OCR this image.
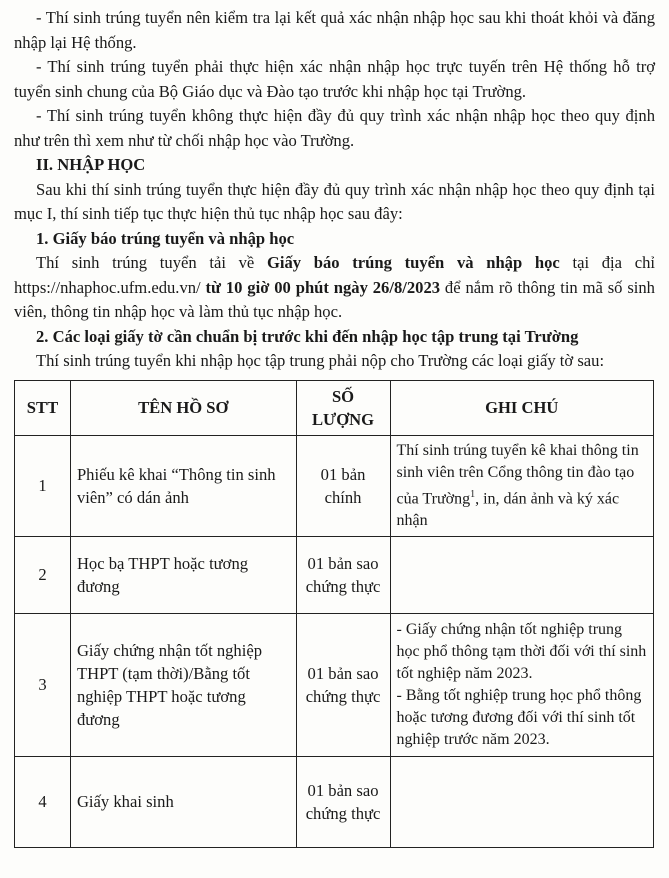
- Thí sinh trúng tuyển nên kiểm tra lại kết quả xác nhận nhập học sau khi thoát khỏi và đăng nhập lại Hệ thống.

- Thí sinh trúng tuyển phải thực hiện xác nhận nhập học trực tuyến trên Hệ thống hỗ trợ tuyển sinh chung của Bộ Giáo dục và Đào tạo trước khi nhập học tại Trường.

- Thí sinh trúng tuyển không thực hiện đầy đủ quy trình xác nhận nhập học theo quy định như trên thì xem như từ chối nhập học vào Trường.

II. NHẬP HỌC

Sau khi thí sinh trúng tuyển thực hiện đầy đủ quy trình xác nhận nhập học theo quy định tại mục I, thí sinh tiếp tục thực hiện thủ tục nhập học sau đây:

1. Giấy báo trúng tuyển và nhập học

Thí sinh trúng tuyển tải về Giấy báo trúng tuyển và nhập học tại địa chỉ https://nhaphoc.ufm.edu.vn/ từ 10 giờ 00 phút ngày 26/8/2023 để nắm rõ thông tin mã số sinh viên, thông tin nhập học và làm thủ tục nhập học.

2. Các loại giấy tờ cần chuẩn bị trước khi đến nhập học tập trung tại Trường

Thí sinh trúng tuyển khi nhập học tập trung phải nộp cho Trường các loại giấy tờ sau:

STT	TÊN HỒ SƠ	SỐ LƯỢNG	GHI CHÚ
1	Phiếu kê khai “Thông tin sinh viên” có dán ảnh	01 bản chính	Thí sinh trúng tuyển kê khai thông tin sinh viên trên Cổng thông tin đào tạo của Trường$^1$, in, dán ảnh và ký xác nhận
2	Học bạ THPT hoặc tương đương	01 bản sao chứng thực	
3	Giấy chứng nhận tốt nghiệp THPT (tạm thời)/Bằng tốt nghiệp THPT hoặc tương đương	01 bản sao chứng thực	- Giấy chứng nhận tốt nghiệp trung học phổ thông tạm thời đối với thí sinh tốt nghiệp năm 2023.
- Bằng tốt nghiệp trung học phổ thông hoặc tương đương đối với thí sinh tốt nghiệp trước năm 2023.

4	Giấy khai sinh	01 bản sao chứng thực	
